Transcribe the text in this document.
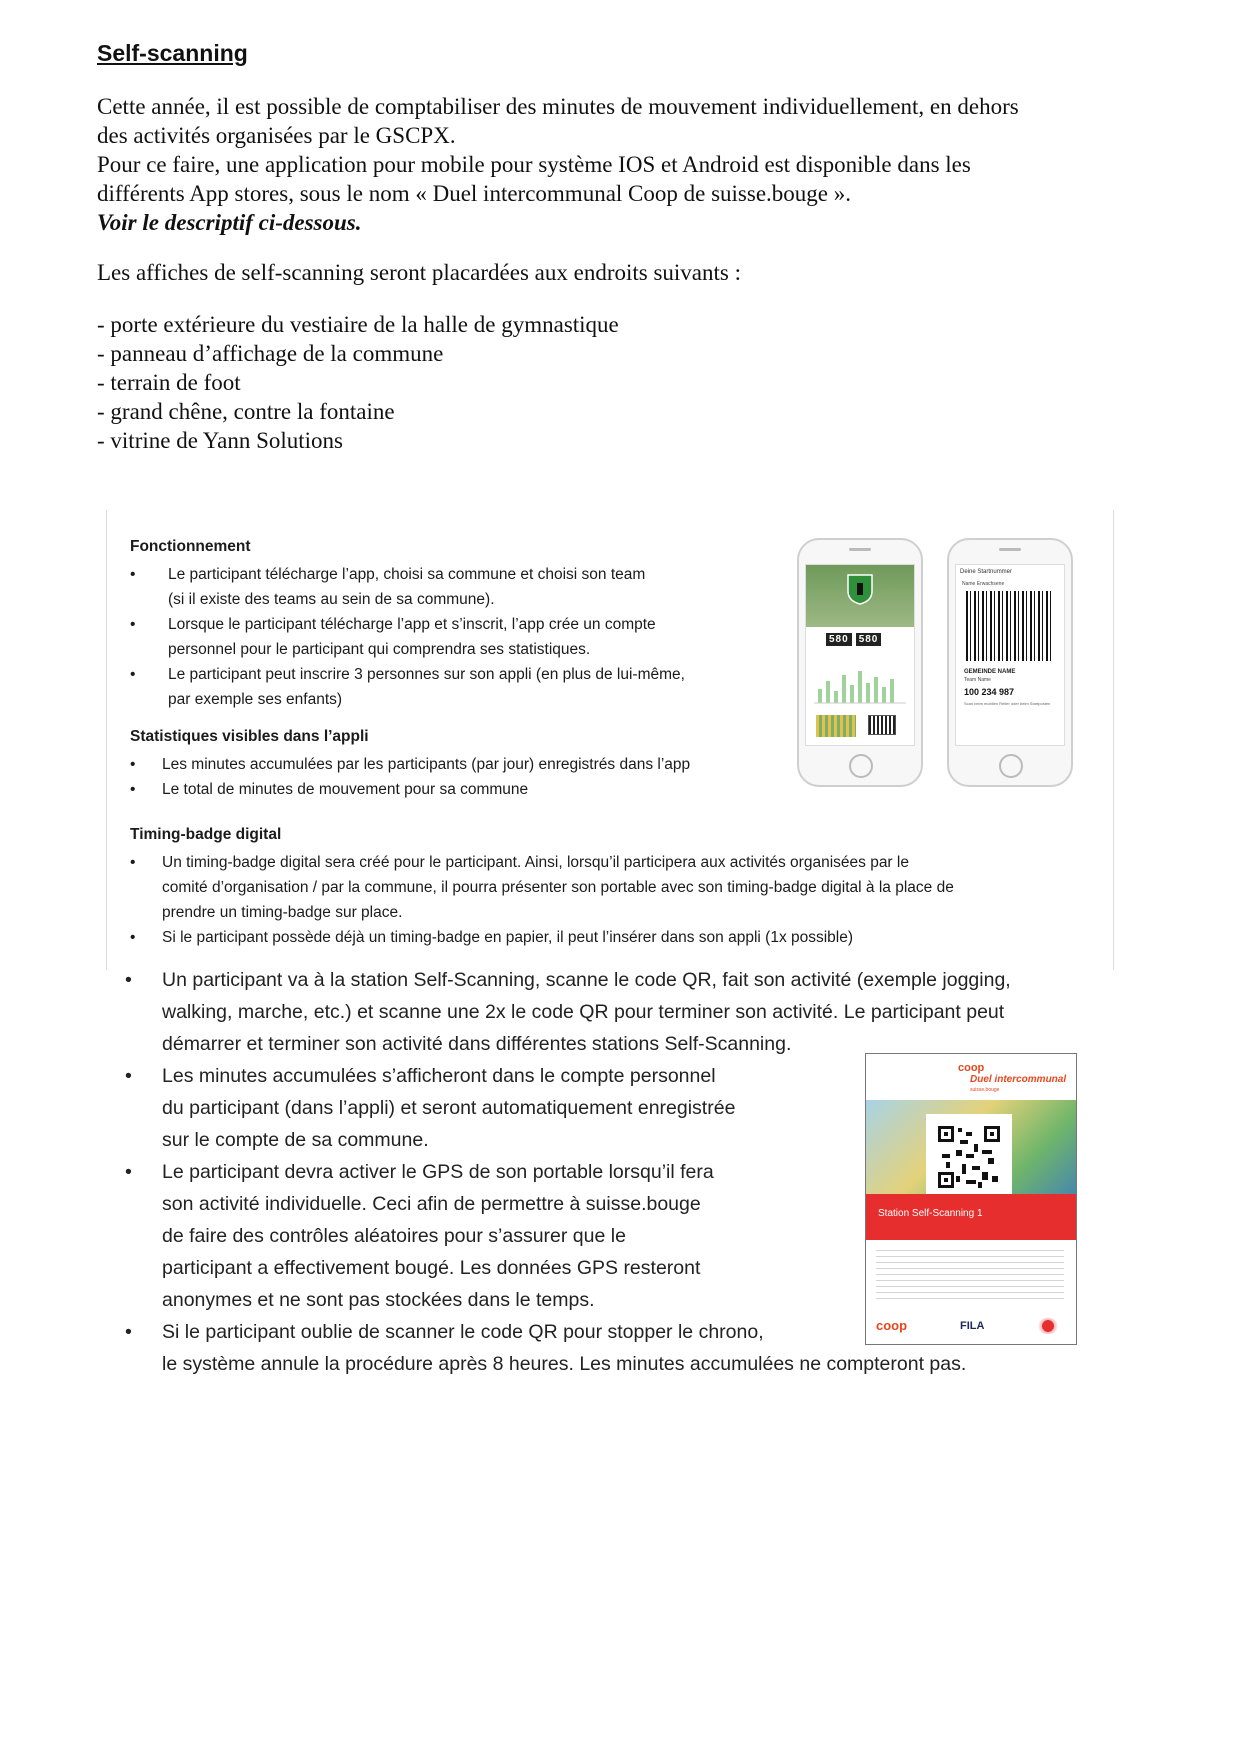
Self-scanning

Cette année, il est possible de comptabiliser des minutes de mouvement individuellement, en dehors

des activités organisées par le GSCPX.

Pour ce faire, une application pour mobile pour système IOS et Android est disponible dans les

différents App stores, sous le nom « Duel intercommunal Coop de suisse.bouge ».

Voir le descriptif ci-dessous.

Les affiches de self-scanning seront placardées aux endroits suivants :
- porte extérieure du vestiaire de la halle de gymnastique
- panneau d’affichage de la commune
- terrain de foot
- grand chêne, contre la fontaine
- vitrine de Yann Solutions
Fonctionnement
• Le participant télécharge l’app, choisi sa commune et choisi son team
(si il existe des teams au sein de sa commune).
• Lorsque le participant télécharge l’app et s’inscrit, l’app crée un compte
personnel pour le participant qui comprendra ses statistiques.
• Le participant peut inscrire 3 personnes sur son appli (en plus de lui-même,
par exemple ses enfants)
Statistiques visibles dans l’appli
• Les minutes accumulées par les participants (par jour) enregistrés dans l’app
• Le total de minutes de mouvement pour sa commune
Timing-badge digital
• Un timing-badge digital sera créé pour le participant. Ainsi, lorsqu’il participera aux activités organisées par le
comité d’organisation / par la commune, il pourra présenter son portable avec son timing-badge digital à la place de
prendre un timing-badge sur place.
• Si le participant possède déjà un timing-badge en papier, il peut l’insérer dans son appli (1x possible)
580	580
Deine Startnummer
Name Erwachsene
GEMEINDE NAME
Team Name
100 234 987
Scan beim mobilen Reiter oder beim Startposten
• Un participant va à la station Self-Scanning, scanne le code QR, fait son activité (exemple jogging,
walking, marche, etc.) et scanne une 2x le code QR pour terminer son activité. Le participant peut
démarrer et terminer son activité dans différentes stations Self-Scanning.
• Les minutes accumulées s’afficheront dans le compte personnel
du participant (dans l’appli) et seront automatiquement enregistrée
sur le compte de sa commune.
• Le participant devra activer le GPS de son portable lorsqu’il fera
son activité individuelle. Ceci afin de permettre à suisse.bouge
de faire des contrôles aléatoires pour s’assurer que le
participant a effectivement bougé. Les données GPS resteront
anonymes et ne sont pas stockées dans le temps.
• Si le participant oublie de scanner le code QR pour stopper le chrono,
le système annule la procédure après 8 heures. Les minutes accumulées ne compteront pas.
coop
Duel intercommunal
suisse.bouge
Station Self-Scanning 1
coop	FILA
